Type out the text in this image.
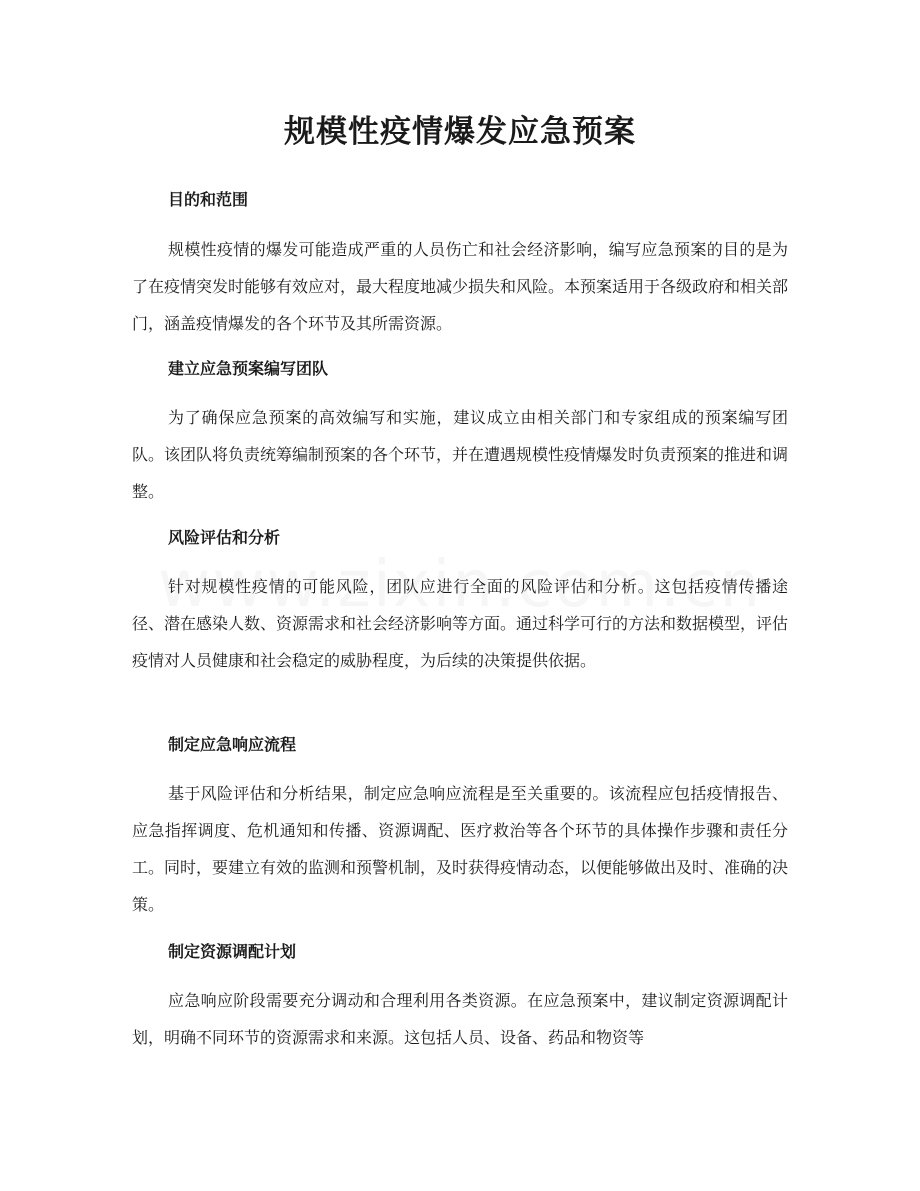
规模性疫情爆发应急预案
目的和范围

规模性疫情的爆发可能造成严重的人员伤亡和社会经济影响，编写应急预案的目的是为了在疫情突发时能够有效应对，最大程度地减少损失和风险。本预案适用于各级政府和相关部门，涵盖疫情爆发的各个环节及其所需资源。

建立应急预案编写团队

为了确保应急预案的高效编写和实施，建议成立由相关部门和专家组成的预案编写团队。该团队将负责统筹编制预案的各个环节，并在遭遇规模性疫情爆发时负责预案的推进和调整。

风险评估和分析

针对规模性疫情的可能风险，团队应进行全面的风险评估和分析。这包括疫情传播途径、潜在感染人数、资源需求和社会经济影响等方面。通过科学可行的方法和数据模型，评估疫情对人员健康和社会稳定的威胁程度，为后续的决策提供依据。

制定应急响应流程

基于风险评估和分析结果，制定应急响应流程是至关重要的。该流程应包括疫情报告、应急指挥调度、危机通知和传播、资源调配、医疗救治等各个环节的具体操作步骤和责任分工。同时，要建立有效的监测和预警机制，及时获得疫情动态，以便能够做出及时、准确的决策。

制定资源调配计划

应急响应阶段需要充分调动和合理利用各类资源。在应急预案中，建议制定资源调配计划，明确不同环节的资源需求和来源。这包括人员、设备、药品和物资等
